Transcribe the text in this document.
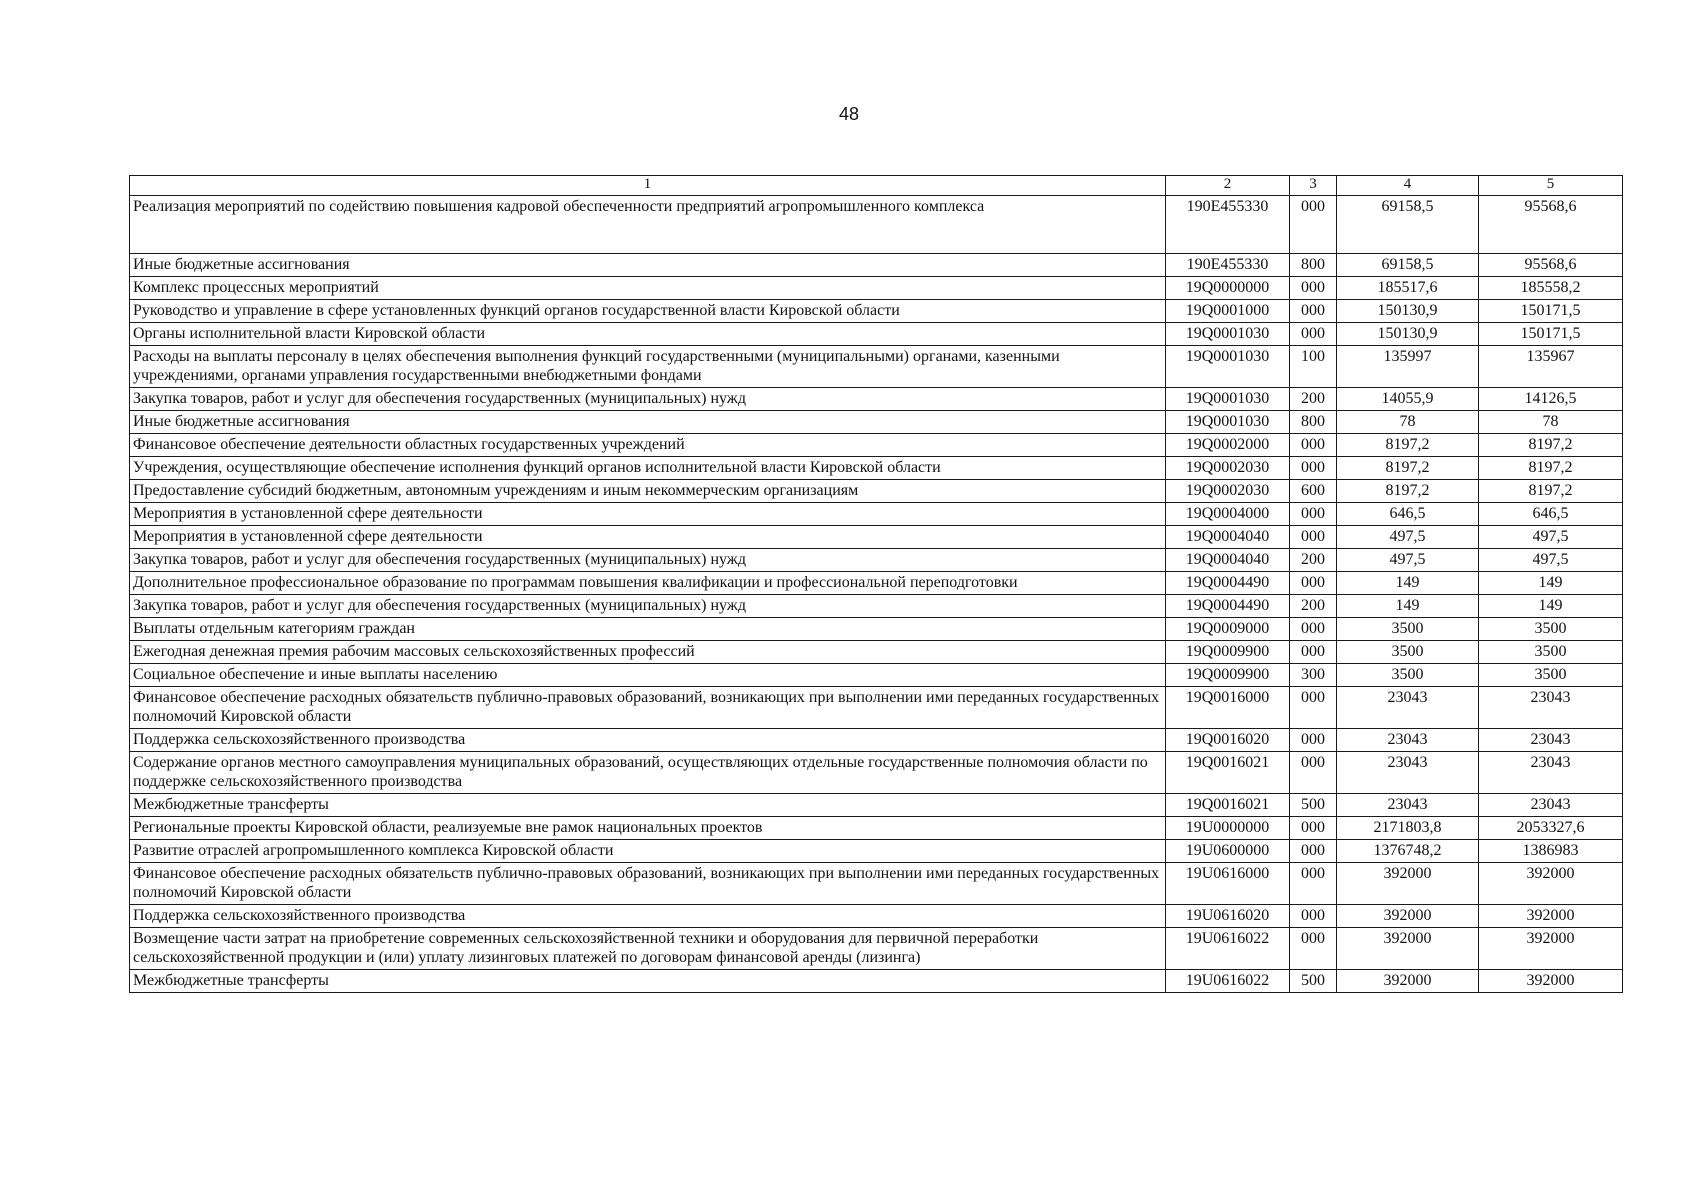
48
1	2	3	4	5
Реализация мероприятий по содействию повышения кадровой обеспеченности предприятий агропромышленного комплекса	190E455330	000	69158,5	95568,6
Иные бюджетные ассигнования	190E455330	800	69158,5	95568,6
Комплекс процессных мероприятий	19Q0000000	000	185517,6	185558,2
Руководство и управление в сфере установленных функций органов государственной власти Кировской области	19Q0001000	000	150130,9	150171,5
Органы исполнительной власти Кировской области	19Q0001030	000	150130,9	150171,5
Расходы на выплаты персоналу в целях обеспечения выполнения функций государственными (муниципальными) органами, казенными учреждениями, органами управления государственными внебюджетными фондами	19Q0001030	100	135997	135967
Закупка товаров, работ и услуг для обеспечения государственных (муниципальных) нужд	19Q0001030	200	14055,9	14126,5
Иные бюджетные ассигнования	19Q0001030	800	78	78
Финансовое обеспечение деятельности областных государственных учреждений	19Q0002000	000	8197,2	8197,2
Учреждения, осуществляющие обеспечение исполнения функций органов исполнительной власти Кировской области	19Q0002030	000	8197,2	8197,2
Предоставление субсидий бюджетным, автономным учреждениям и иным некоммерческим организациям	19Q0002030	600	8197,2	8197,2
Мероприятия в установленной сфере деятельности	19Q0004000	000	646,5	646,5
Мероприятия в установленной сфере деятельности	19Q0004040	000	497,5	497,5
Закупка товаров, работ и услуг для обеспечения государственных (муниципальных) нужд	19Q0004040	200	497,5	497,5
Дополнительное профессиональное образование по программам повышения квалификации и профессиональной переподготовки	19Q0004490	000	149	149
Закупка товаров, работ и услуг для обеспечения государственных (муниципальных) нужд	19Q0004490	200	149	149
Выплаты отдельным категориям граждан	19Q0009000	000	3500	3500
Ежегодная денежная премия рабочим массовых сельскохозяйственных профессий	19Q0009900	000	3500	3500
Социальное обеспечение и иные выплаты населению	19Q0009900	300	3500	3500
Финансовое обеспечение расходных обязательств публично-правовых образований, возникающих при выполнении ими переданных государственных полномочий Кировской области	19Q0016000	000	23043	23043
Поддержка сельскохозяйственного производства	19Q0016020	000	23043	23043
Содержание органов местного самоуправления муниципальных образований, осуществляющих отдельные государственные полномочия области по поддержке сельскохозяйственного производства	19Q0016021	000	23043	23043
Межбюджетные трансферты	19Q0016021	500	23043	23043
Региональные проекты Кировской области, реализуемые вне рамок национальных проектов	19U0000000	000	2171803,8	2053327,6
Развитие отраслей агропромышленного комплекса Кировской области	19U0600000	000	1376748,2	1386983
Финансовое обеспечение расходных обязательств публично-правовых образований, возникающих при выполнении ими переданных государственных полномочий Кировской области	19U0616000	000	392000	392000
Поддержка сельскохозяйственного производства	19U0616020	000	392000	392000
Возмещение части затрат на приобретение современных сельскохозяйственной техники и оборудования для первичной переработки сельскохозяйственной продукции и (или) уплату лизинговых платежей по договорам финансовой аренды (лизинга)	19U0616022	000	392000	392000
Межбюджетные трансферты	19U0616022	500	392000	392000
